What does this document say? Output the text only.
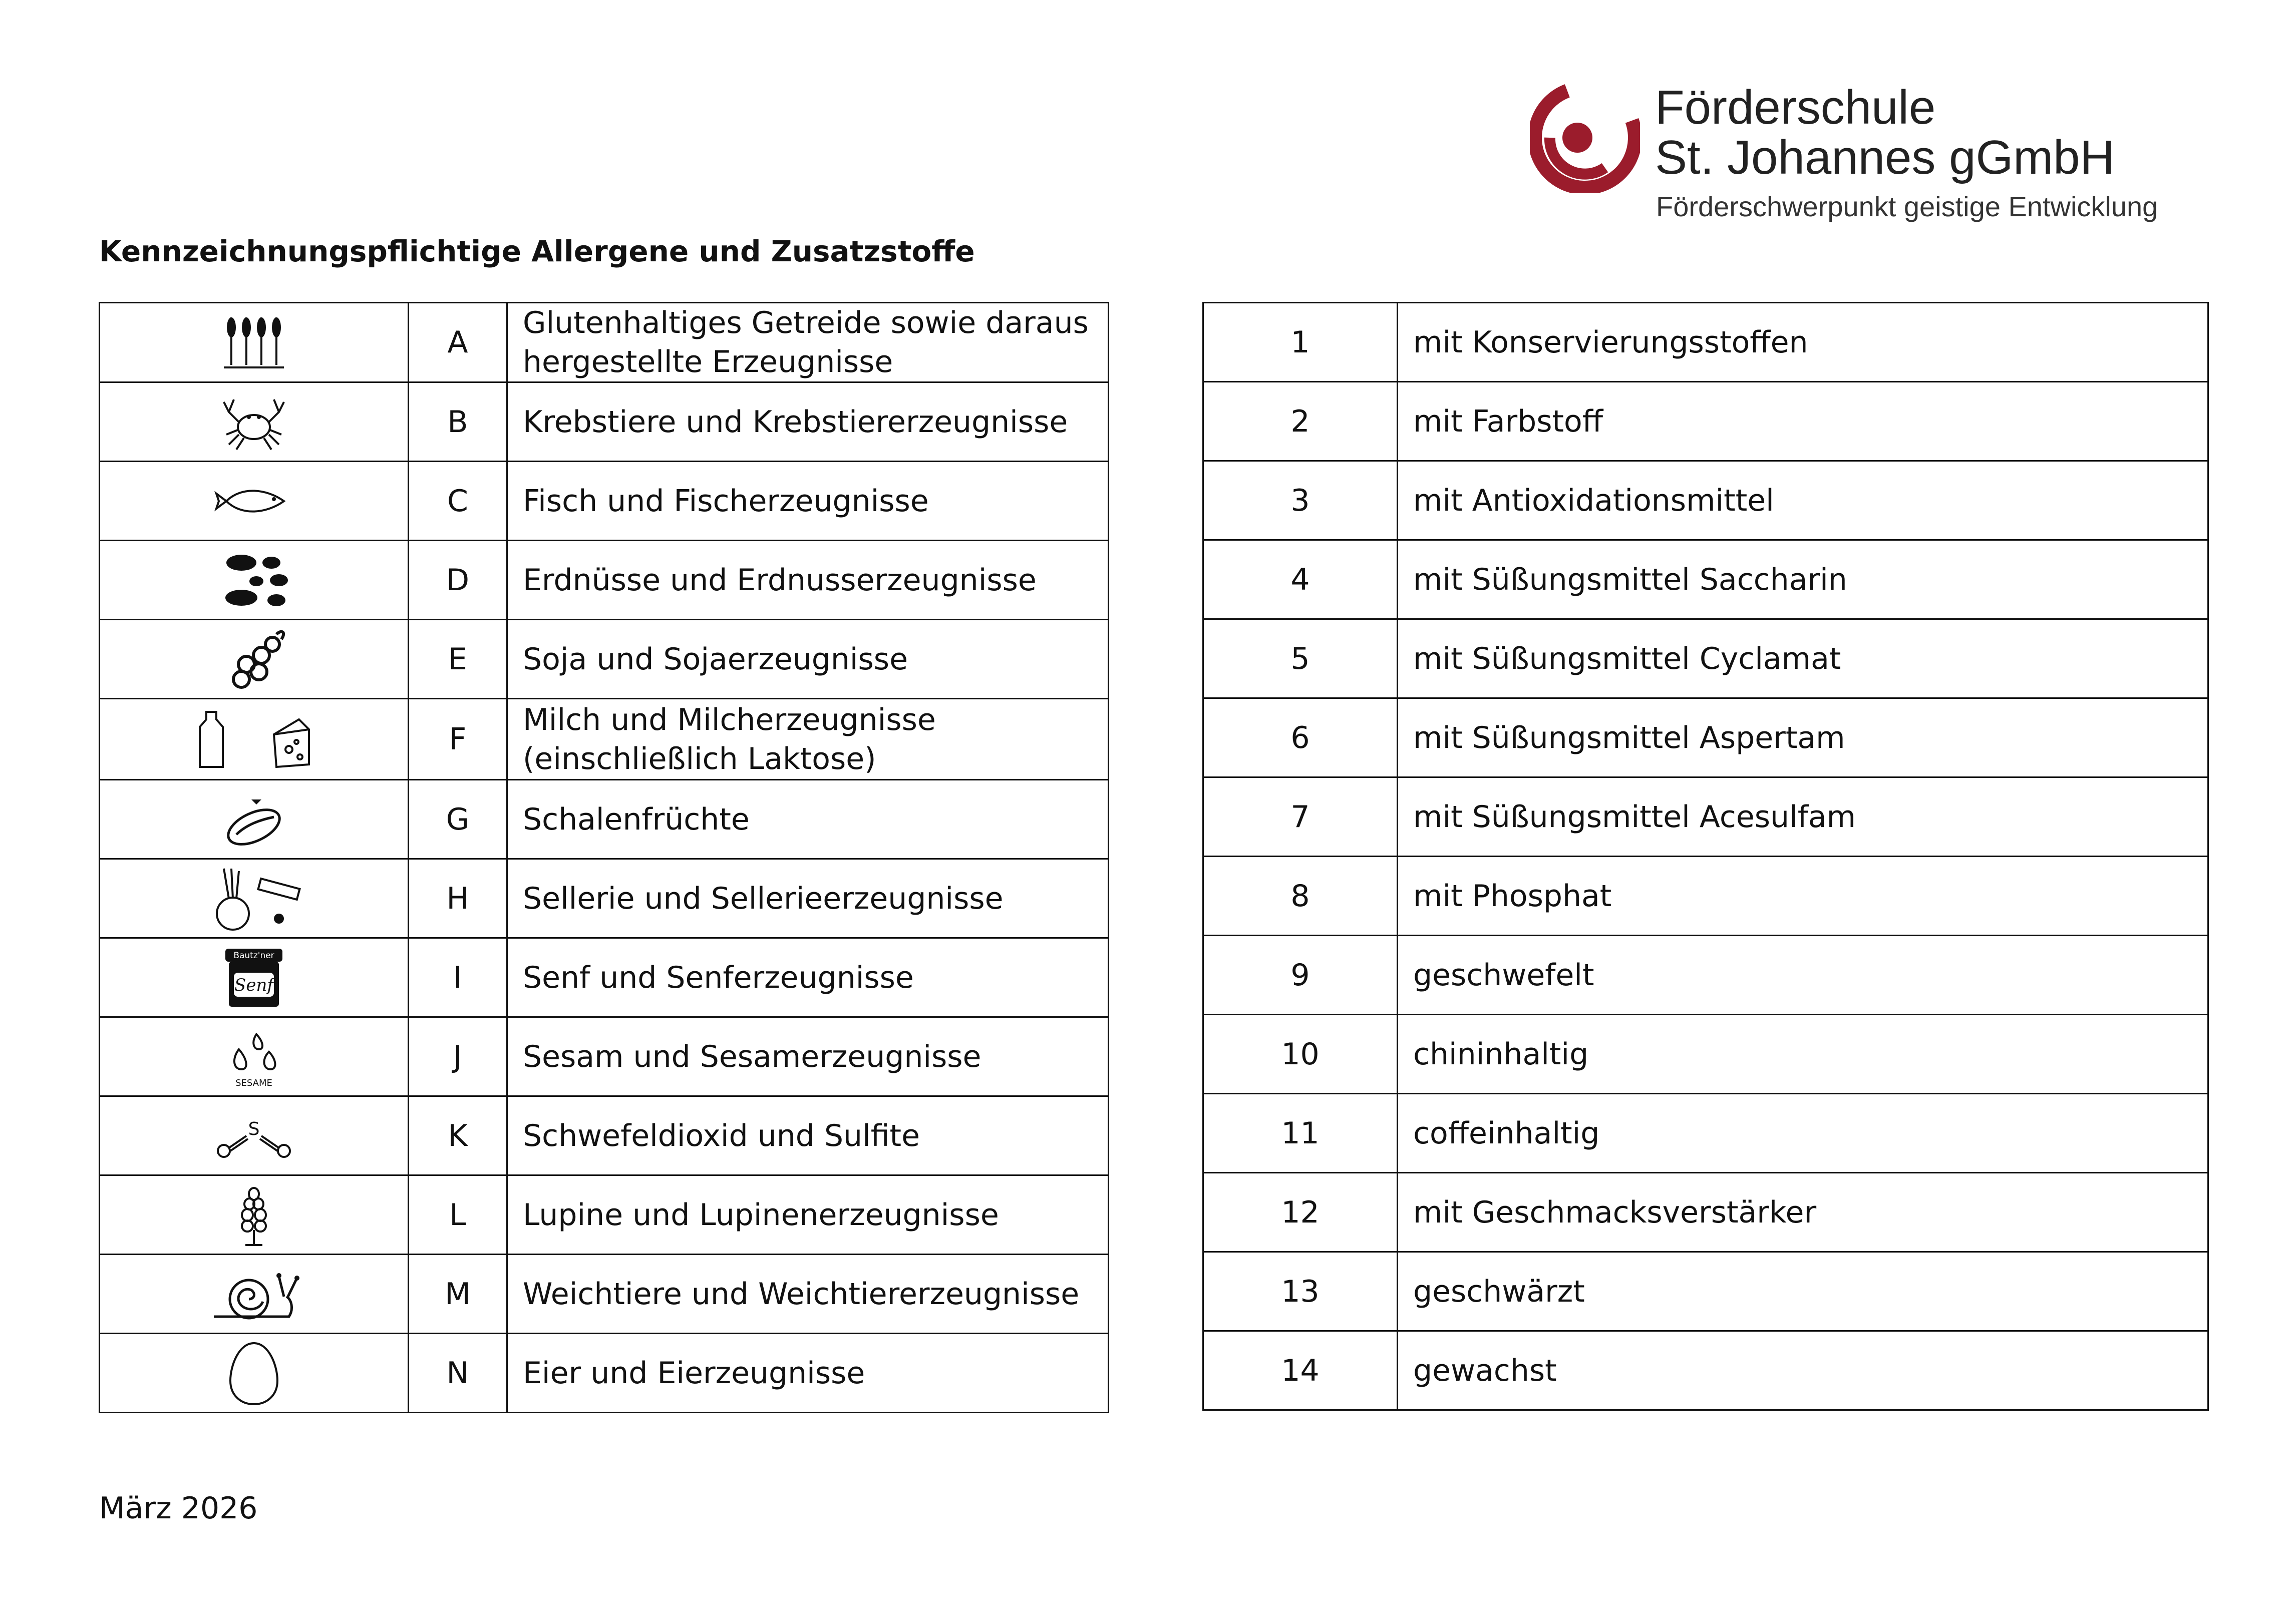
Förderschule
St. Johannes gGmbH
Förderschwerpunkt geistige Entwicklung
Kennzeichnungspflichtige Allergene und Zusatzstoffe
	A	Glutenhaltiges Getreide sowie daraus
hergestellte Erzeugnisse

	B	Krebstiere und Krebstiererzeugnisse

	C	Fisch und Fischerzeugnisse

	D	Erdnüsse und Erdnusserzeugnisse

	E	Soja und Sojaerzeugnisse

	F	Milch und Milcherzeugnisse
(einschließlich Laktose)

	G	Schalenfrüchte

	H	Sellerie und Sellerieerzeugnisse

Bautz'ner
Senf	I	Senf und Senferzeugnisse

SESAME	J	Sesam und Sesamerzeugnisse

S	K	Schwefeldioxid und Sulfite

	L	Lupine und Lupinenerzeugnisse

	M	Weichtiere und Weichtiererzeugnisse

	N	Eier und Eierzeugnisse
1	mit Konservierungsstoffen
2	mit Farbstoff
3	mit Antioxidationsmittel
4	mit Süßungsmittel Saccharin
5	mit Süßungsmittel Cyclamat
6	mit Süßungsmittel Aspertam
7	mit Süßungsmittel Acesulfam
8	mit Phosphat
9	geschwefelt
10	chininhaltig
11	coffeinhaltig
12	mit Geschmacksverstärker
13	geschwärzt
14	gewachst
März 2026
